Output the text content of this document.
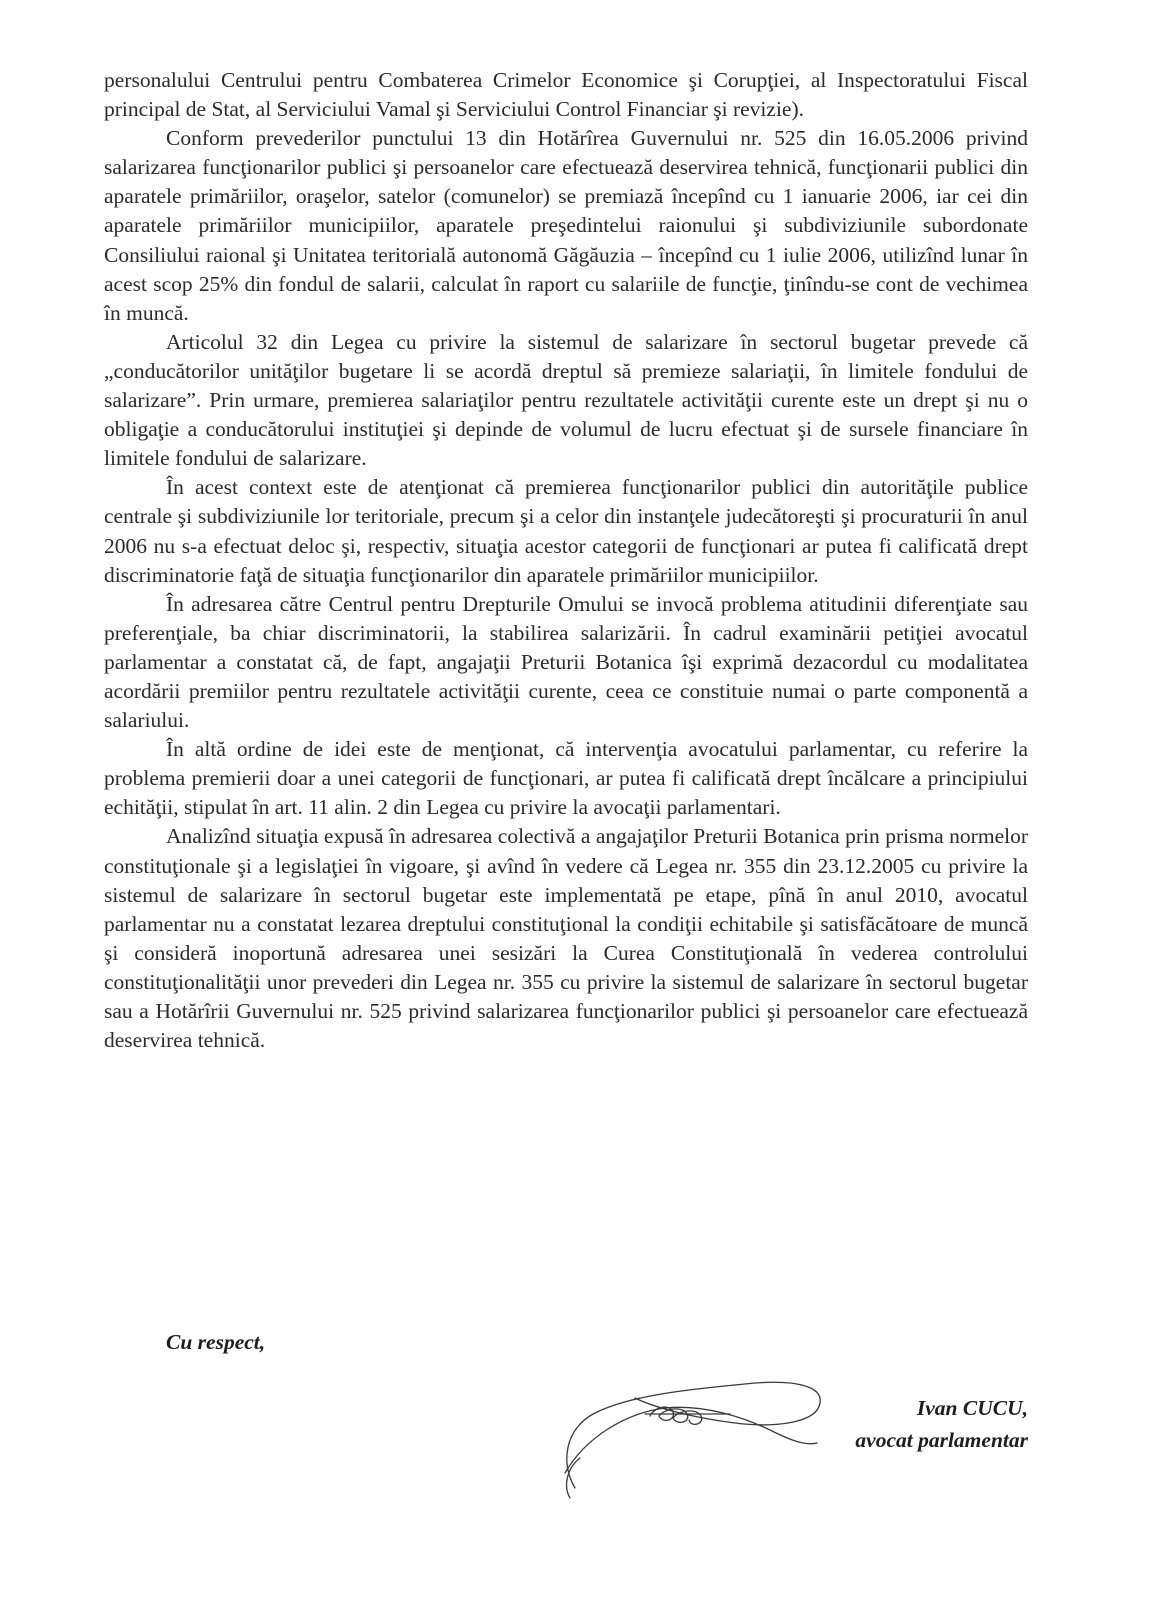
personalului Centrului pentru Combaterea Crimelor Economice şi Corupţiei, al Inspectoratului Fiscal principal de Stat, al Serviciului Vamal şi Serviciului Control Financiar şi revizie).

Conform prevederilor punctului 13 din Hotărîrea Guvernului nr. 525 din 16.05.2006 privind salarizarea funcţionarilor publici şi persoanelor care efectuează deservirea tehnică, funcţionarii publici din aparatele primăriilor, oraşelor, satelor (comunelor) se premiază începînd cu 1 ianuarie 2006, iar cei din aparatele primăriilor municipiilor, aparatele preşedintelui raionului şi subdiviziunile subordonate Consiliului raional şi Unitatea teritorială autonomă Găgăuzia – începînd cu 1 iulie 2006, utilizînd lunar în acest scop 25% din fondul de salarii, calculat în raport cu salariile de funcţie, ţinîndu-se cont de vechimea în muncă.

Articolul 32 din Legea cu privire la sistemul de salarizare în sectorul bugetar prevede că „conducătorilor unităţilor bugetare li se acordă dreptul să premieze salariaţii, în limitele fondului de salarizare”. Prin urmare, premierea salariaţilor pentru rezultatele activităţii curente este un drept şi nu o obligaţie a conducătorului instituţiei şi depinde de volumul de lucru efectuat şi de sursele financiare în limitele fondului de salarizare.

În acest context este de atenţionat că premierea funcţionarilor publici din autorităţile publice centrale şi subdiviziunile lor teritoriale, precum şi a celor din instanţele judecătoreşti şi procuraturii în anul 2006 nu s-a efectuat deloc şi, respectiv, situaţia acestor categorii de funcţionari ar putea fi calificată drept discriminatorie faţă de situaţia funcţionarilor din aparatele primăriilor municipiilor.

În adresarea către Centrul pentru Drepturile Omului se invocă problema atitudinii diferenţiate sau preferenţiale, ba chiar discriminatorii, la stabilirea salarizării. În cadrul examinării petiţiei avocatul parlamentar a constatat că, de fapt, angajaţii Preturii Botanica îşi exprimă dezacordul cu modalitatea acordării premiilor pentru rezultatele activităţii curente, ceea ce constituie numai o parte componentă a salariului.

În altă ordine de idei este de menţionat, că intervenţia avocatului parlamentar, cu referire la problema premierii doar a unei categorii de funcţionari, ar putea fi calificată drept încălcare a principiului echităţii, stipulat în art. 11 alin. 2 din Legea cu privire la avocaţii parlamentari.

Analizînd situaţia expusă în adresarea colectivă a angajaţilor Preturii Botanica prin prisma normelor constituţionale şi a legislaţiei în vigoare, şi avînd în vedere că Legea nr. 355 din 23.12.2005 cu privire la sistemul de salarizare în sectorul bugetar este implementată pe etape, pînă în anul 2010, avocatul parlamentar nu a constatat lezarea dreptului constituţional la condiţii echitabile şi satisfăcătoare de muncă şi consideră inoportună adresarea unei sesizări la Curea Constituţională în vederea controlului constituţionalităţii unor prevederi din Legea nr. 355 cu privire la sistemul de salarizare în sectorul bugetar sau a Hotărîrii Guvernului nr. 525 privind salarizarea funcţionarilor publici şi persoanelor care efectuează deservirea tehnică.

Cu respect,
Ivan CUCU,
avocat parlamentar
